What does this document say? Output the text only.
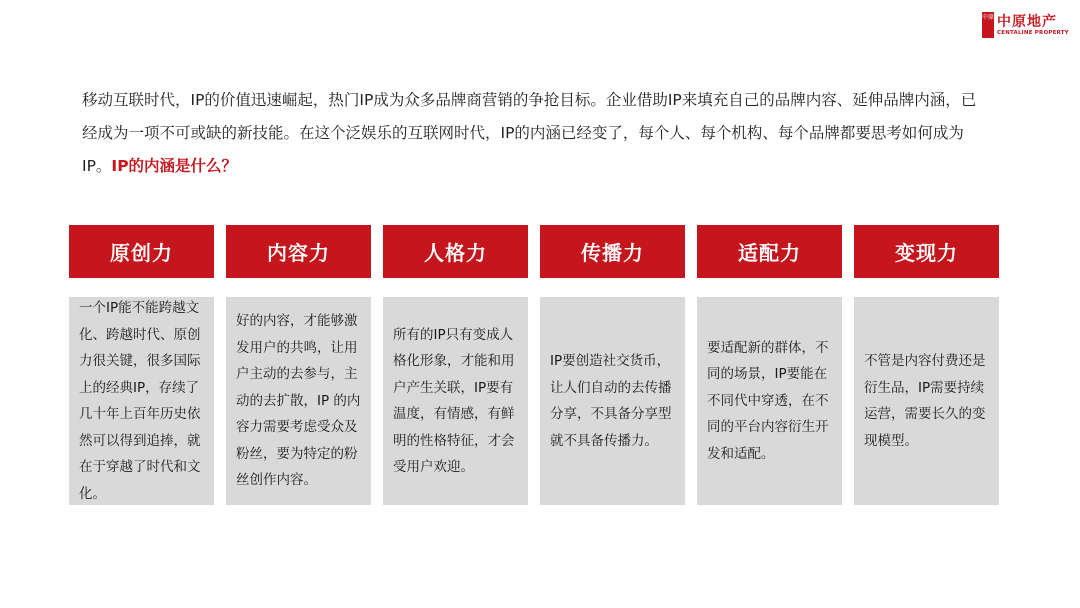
中原 中原地产
CENTALINE PROPERTY

移动互联时代，IP的价值迅速崛起，热门IP成为众多品牌商营销的争抢目标。企业借助IP来填充自己的品牌内容、延伸品牌内涵，已经成为一项不可或缺的新技能。在这个泛娱乐的互联网时代，IP的内涵已经变了，每个人、每个机构、每个品牌都要思考如何成为IP。IP的内涵是什么？

原创力
一个IP能不能跨越文化、跨越时代、原创力很关键，很多国际上的经典IP，存续了几十年上百年历史依然可以得到追捧，就在于穿越了时代和文化。
内容力
好的内容，才能够激发用户的共鸣，让用户主动的去参与，主动的去扩散，IP 的内容力需要考虑受众及粉丝，要为特定的粉丝创作内容。
人格力
所有的IP只有变成人格化形象，才能和用户产生关联，IP要有温度，有情感，有鲜明的性格特征，才会受用户欢迎。
传播力
IP要创造社交货币，让人们自动的去传播分享，不具备分享型就不具备传播力。
适配力
要适配新的群体，不同的场景，IP要能在不同代中穿透，在不同的平台内容衍生开发和适配。
变现力
不管是内容付费还是衍生品，IP需要持续运营，需要长久的变现模型。
